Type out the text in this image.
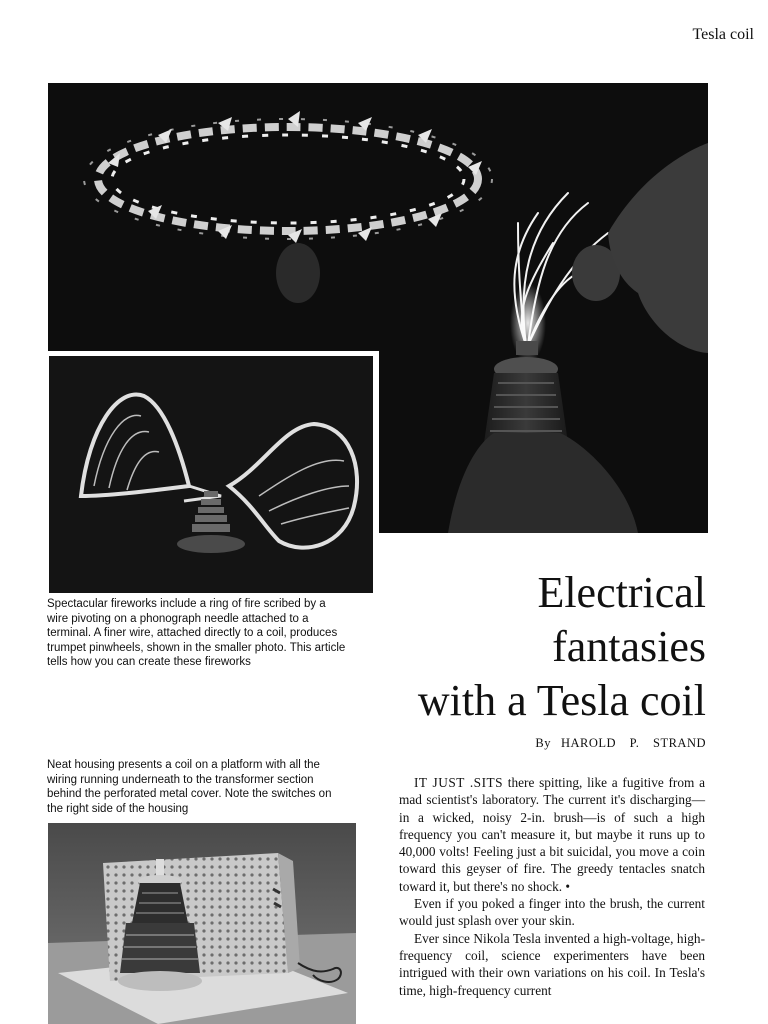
Tesla coil
Spectacular fireworks include a ring of fire scribed by a wire pivoting on a phonograph needle attached to a terminal. A finer wire, attached directly to a coil, produces trumpet pinwheels, shown in the smaller photo. This article tells how you can create these fireworks
Electrical
fantasies
with a Tesla coil
By HAROLD P. STRAND
Neat housing presents a coil on a platform with all the wiring running underneath to the transformer section behind the perforated metal cover. Note the switches on the right side of the housing

IT JUST .SITS there spitting, like a fugitive from a mad scientist's laboratory. The current it's discharging—in a wicked, noisy 2-in. brush—is of such a high frequency you can't measure it, but maybe it runs up to 40,000 volts! Feeling just a bit suicidal, you move a coin toward this geyser of fire. The greedy tentacles snatch toward it, but there's no shock. •

Even if you poked a finger into the brush, the current would just splash over your skin.

Ever since Nikola Tesla invented a high-voltage, high-frequency coil, science experimenters have been intrigued with their own variations on his coil. In Tesla's time, high-frequency current
